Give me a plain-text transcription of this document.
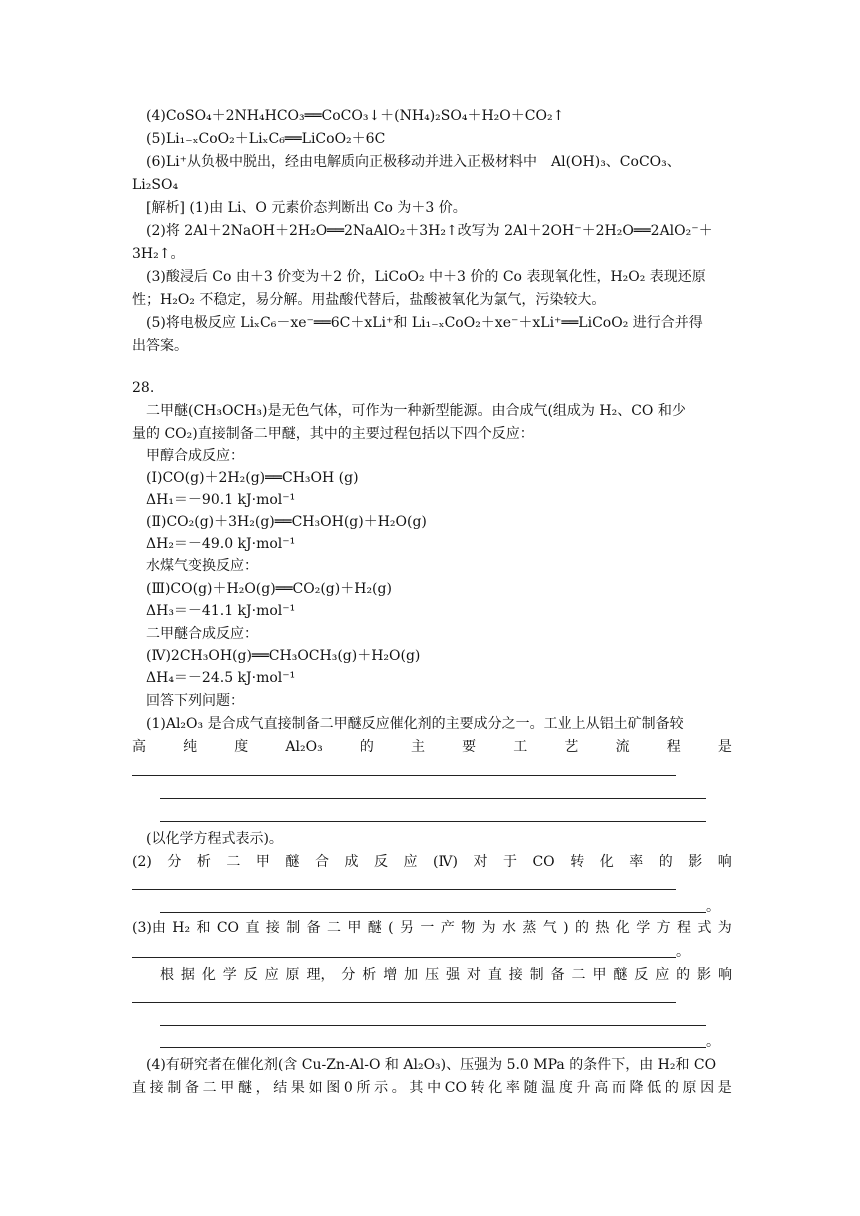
(4)CoSO₄＋2NH₄HCO₃══CoCO₃↓＋(NH₄)₂SO₄＋H₂O＋CO₂↑
(5)Li₁₋ₓCoO₂＋LiₓC₆══LiCoO₂＋6C
(6)Li⁺从负极中脱出，经由电解质向正极移动并进入正极材料中　Al(OH)₃、CoCO₃、
Li₂SO₄
[解析] (1)由 Li、O 元素价态判断出 Co 为＋3 价。
(2)将 2Al＋2NaOH＋2H₂O══2NaAlO₂＋3H₂↑改写为 2Al＋2OH⁻＋2H₂O══2AlO₂⁻＋
3H₂↑。
(3)酸浸后 Co 由＋3 价变为＋2 价，LiCoO₂ 中＋3 价的 Co 表现氧化性，H₂O₂ 表现还原
性；H₂O₂ 不稳定，易分解。用盐酸代替后，盐酸被氧化为氯气，污染较大。
(5)将电极反应 LiₓC₆－xe⁻══6C＋xLi⁺和 Li₁₋ₓCoO₂＋xe⁻＋xLi⁺══LiCoO₂ 进行合并得
出答案。
28.
二甲醚(CH₃OCH₃)是无色气体，可作为一种新型能源。由合成气(组成为 H₂、CO 和少
量的 CO₂)直接制备二甲醚，其中的主要过程包括以下四个反应：
甲醇合成反应：
(Ⅰ)CO(g)＋2H₂(g)══CH₃OH (g)
ΔH₁＝－90.1 kJ·mol⁻¹
(Ⅱ)CO₂(g)＋3H₂(g)══CH₃OH(g)＋H₂O(g)
ΔH₂＝－49.0 kJ·mol⁻¹
水煤气变换反应：
(Ⅲ)CO(g)＋H₂O(g)══CO₂(g)＋H₂(g)
ΔH₃＝－41.1 kJ·mol⁻¹
二甲醚合成反应：
(Ⅳ)2CH₃OH(g)══CH₃OCH₃(g)＋H₂O(g)
ΔH₄＝－24.5 kJ·mol⁻¹
回答下列问题：
(1)Al₂O₃ 是合成气直接制备二甲醚反应催化剂的主要成分之一。工业上从铝土矿制备较
高	纯	度	Al₂O₃	的	主	要	工	艺	流	程	是
(以化学方程式表示)。
(2) 分 析 二 甲 醚 合 成 反 应 (Ⅳ) 对 于 CO 转 化 率 的 影 响
。
(3)由 H₂ 和 CO 直 接 制 备 二 甲 醚 ( 另 一 产 物 为 水 蒸 气 ) 的 热 化 学 方 程 式 为
。
根 据 化 学 反 应 原 理， 分 析 增 加 压 强 对 直 接 制 备 二 甲 醚 反 应 的 影 响
。
(4)有研究者在催化剂(含 Cu-Zn-Al-O 和 Al₂O₃)、压强为 5.0 MPa 的条件下，由 H₂和 CO
直 接 制 备 二 甲 醚 ， 结 果 如 图 0 所 示 。 其 中 CO 转 化 率 随 温 度 升 高 而 降 低 的 原 因 是
